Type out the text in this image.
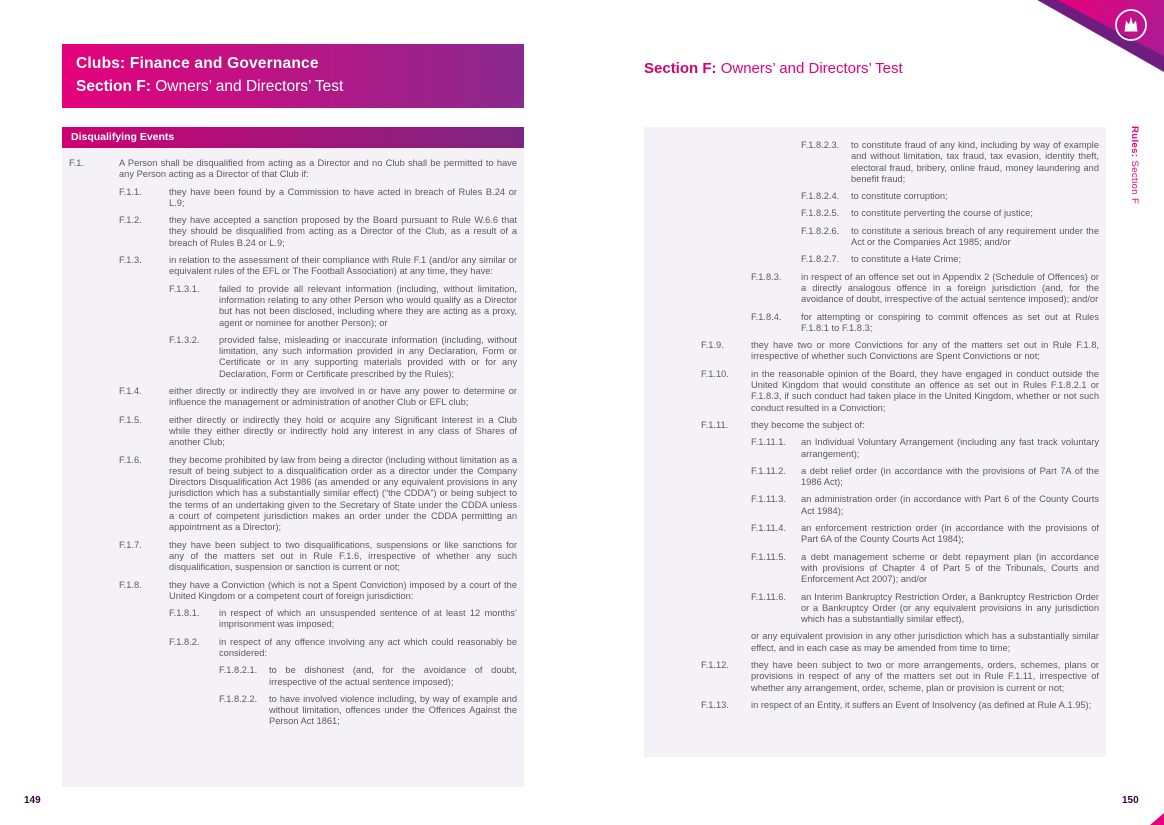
Clubs: Finance and Governance
Section F: Owners’ and Directors’ Test
Disqualifying Events
F.1.	A Person shall be disqualified from acting as a Director and no Club shall be permitted to have any Person acting as a Director of that Club if:
F.1.1.	they have been found by a Commission to have acted in breach of Rules B.24 or L.9;
F.1.2.	they have accepted a sanction proposed by the Board pursuant to Rule W.6.6 that they should be disqualified from acting as a Director of the Club, as a result of a breach of Rules B.24 or L.9;
F.1.3.	in relation to the assessment of their compliance with Rule F.1 (and/or any similar or equivalent rules of the EFL or The Football Association) at any time, they have:
F.1.3.1.	failed to provide all relevant information (including, without limitation, information relating to any other Person who would qualify as a Director but has not been disclosed, including where they are acting as a proxy, agent or nominee for another Person); or
F.1.3.2.	provided false, misleading or inaccurate information (including, without limitation, any such information provided in any Declaration, Form or Certificate or in any supporting materials provided with or for any Declaration, Form or Certificate prescribed by the Rules);
F.1.4.	either directly or indirectly they are involved in or have any power to determine or influence the management or administration of another Club or EFL club;
F.1.5.	either directly or indirectly they hold or acquire any Significant Interest in a Club while they either directly or indirectly hold any interest in any class of Shares of another Club;
F.1.6.	they become prohibited by law from being a director (including without limitation as a result of being subject to a disqualification order as a director under the Company Directors Disqualification Act 1986 (as amended or any equivalent provisions in any jurisdiction which has a substantially similar effect) (“the CDDA”) or being subject to the terms of an undertaking given to the Secretary of State under the CDDA unless a court of competent jurisdiction makes an order under the CDDA permitting an appointment as a Director);
F.1.7.	they have been subject to two disqualifications, suspensions or like sanctions for any of the matters set out in Rule F.1.6, irrespective of whether any such disqualification, suspension or sanction is current or not;
F.1.8.	they have a Conviction (which is not a Spent Conviction) imposed by a court of the United Kingdom or a competent court of foreign jurisdiction:
F.1.8.1.	in respect of which an unsuspended sentence of at least 12 months’ imprisonment was imposed;
F.1.8.2.	in respect of any offence involving any act which could reasonably be considered:
F.1.8.2.1.	to be dishonest (and, for the avoidance of doubt, irrespective of the actual sentence imposed);
F.1.8.2.2.	to have involved violence including, by way of example and without limitation, offences under the Offences Against the Person Act 1861;
149
Section F: Owners’ and Directors’ Test
F.1.8.2.3.	to constitute fraud of any kind, including by way of example and without limitation, tax fraud, tax evasion, identity theft, electoral fraud, bribery, online fraud, money laundering and benefit fraud;
F.1.8.2.4.	to constitute corruption;
F.1.8.2.5.	to constitute perverting the course of justice;
F.1.8.2.6.	to constitute a serious breach of any requirement under the Act or the Companies Act 1985; and/or
F.1.8.2.7.	to constitute a Hate Crime;
F.1.8.3.	in respect of an offence set out in Appendix 2 (Schedule of Offences) or a directly analogous offence in a foreign jurisdiction (and, for the avoidance of doubt, irrespective of the actual sentence imposed); and/or
F.1.8.4.	for attempting or conspiring to commit offences as set out at Rules F.1.8.1 to F.1.8.3;
F.1.9.	they have two or more Convictions for any of the matters set out in Rule F.1.8, irrespective of whether such Convictions are Spent Convictions or not;
F.1.10.	in the reasonable opinion of the Board, they have engaged in conduct outside the United Kingdom that would constitute an offence as set out in Rules F.1.8.2.1 or F.1.8.3, if such conduct had taken place in the United Kingdom, whether or not such conduct resulted in a Conviction;
F.1.11.	they become the subject of:
F.1.11.1.	an Individual Voluntary Arrangement (including any fast track voluntary arrangement);
F.1.11.2.	a debt relief order (in accordance with the provisions of Part 7A of the 1986 Act);
F.1.11.3.	an administration order (in accordance with Part 6 of the County Courts Act 1984);
F.1.11.4.	an enforcement restriction order (in accordance with the provisions of Part 6A of the County Courts Act 1984);
F.1.11.5.	a debt management scheme or debt repayment plan (in accordance with provisions of Chapter 4 of Part 5 of the Tribunals, Courts and Enforcement Act 2007); and/or
F.1.11.6.	an Interim Bankruptcy Restriction Order, a Bankruptcy Restriction Order or a Bankruptcy Order (or any equivalent provisions in any jurisdiction which has a substantially similar effect),
or any equivalent provision in any other jurisdiction which has a substantially similar effect, and in each case as may be amended from time to time;
F.1.12.	they have been subject to two or more arrangements, orders, schemes, plans or provisions in respect of any of the matters set out in Rule F.1.11, irrespective of whether any arrangement, order, scheme, plan or provision is current or not;
F.1.13.	in respect of an Entity, it suffers an Event of Insolvency (as defined at Rule A.1.95);
150
Rules: Section F
